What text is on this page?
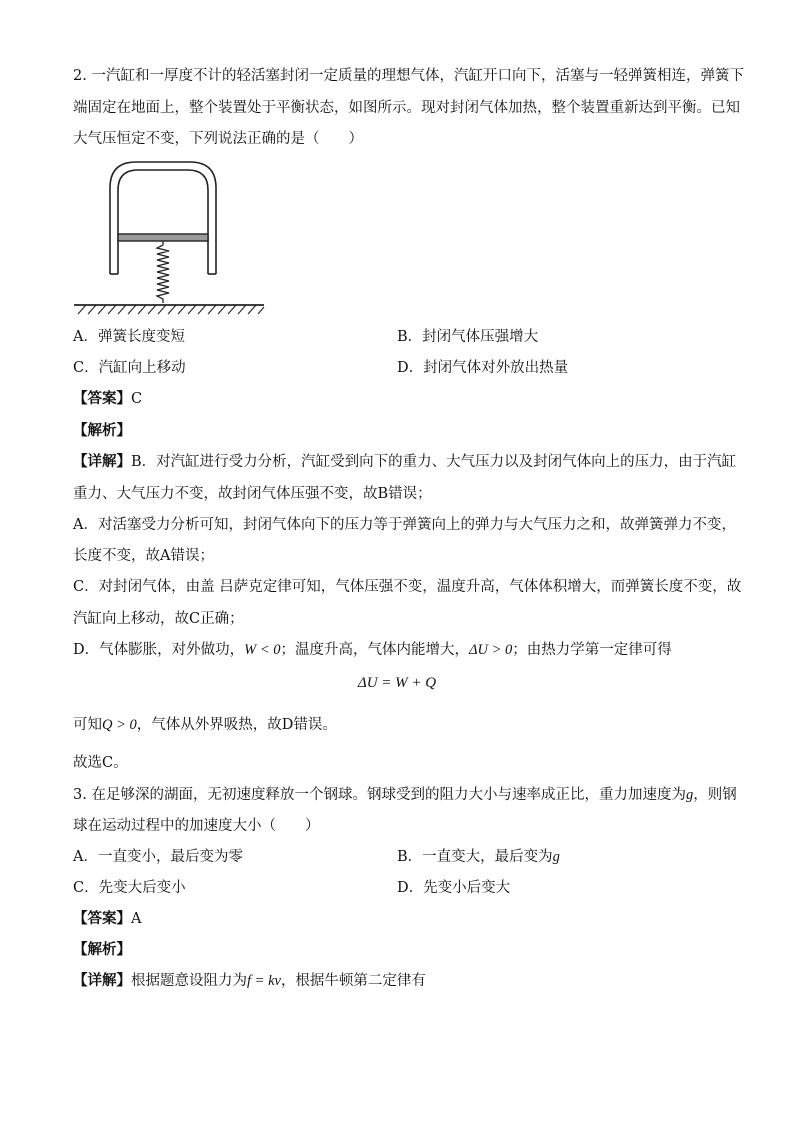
2. 一汽缸和一厚度不计的轻活塞封闭一定质量的理想气体，汽缸开口向下，活塞与一轻弹簧相连，弹簧下
端固定在地面上，整个装置处于平衡状态，如图所示。现对封闭气体加热，整个装置重新达到平衡。已知
大气压恒定不变，下列说法正确的是（　　）
A．弹簧长度变短	B．封闭气体压强增大
C．汽缸向上移动	D．封闭气体对外放出热量
【答案】C
【解析】
【详解】B．对汽缸进行受力分析，汽缸受到向下的重力、大气压力以及封闭气体向上的压力，由于汽缸
重力、大气压力不变，故封闭气体压强不变，故B错误；
A．对活塞受力分析可知，封闭气体向下的压力等于弹簧向上的弹力与大气压力之和，故弹簧弹力不变，
长度不变，故A错误；
C．对封闭气体，由盖 吕萨克定律可知，气体压强不变，温度升高，气体体积增大，而弹簧长度不变，故
汽缸向上移动，故C正确；
D．气体膨胀，对外做功，W < 0；温度升高，气体内能增大，ΔU > 0；由热力学第一定律可得
ΔU = W + Q
可知Q > 0，气体从外界吸热，故D错误。
故选C。
3. 在足够深的湖面，无初速度释放一个钢球。钢球受到的阻力大小与速率成正比，重力加速度为g，则钢
球在运动过程中的加速度大小（　　）
A．一直变小，最后变为零	B．一直变大，最后变为g
C．先变大后变小	D．先变小后变大
【答案】A
【解析】
【详解】根据题意设阻力为f = kv，根据牛顿第二定律有
